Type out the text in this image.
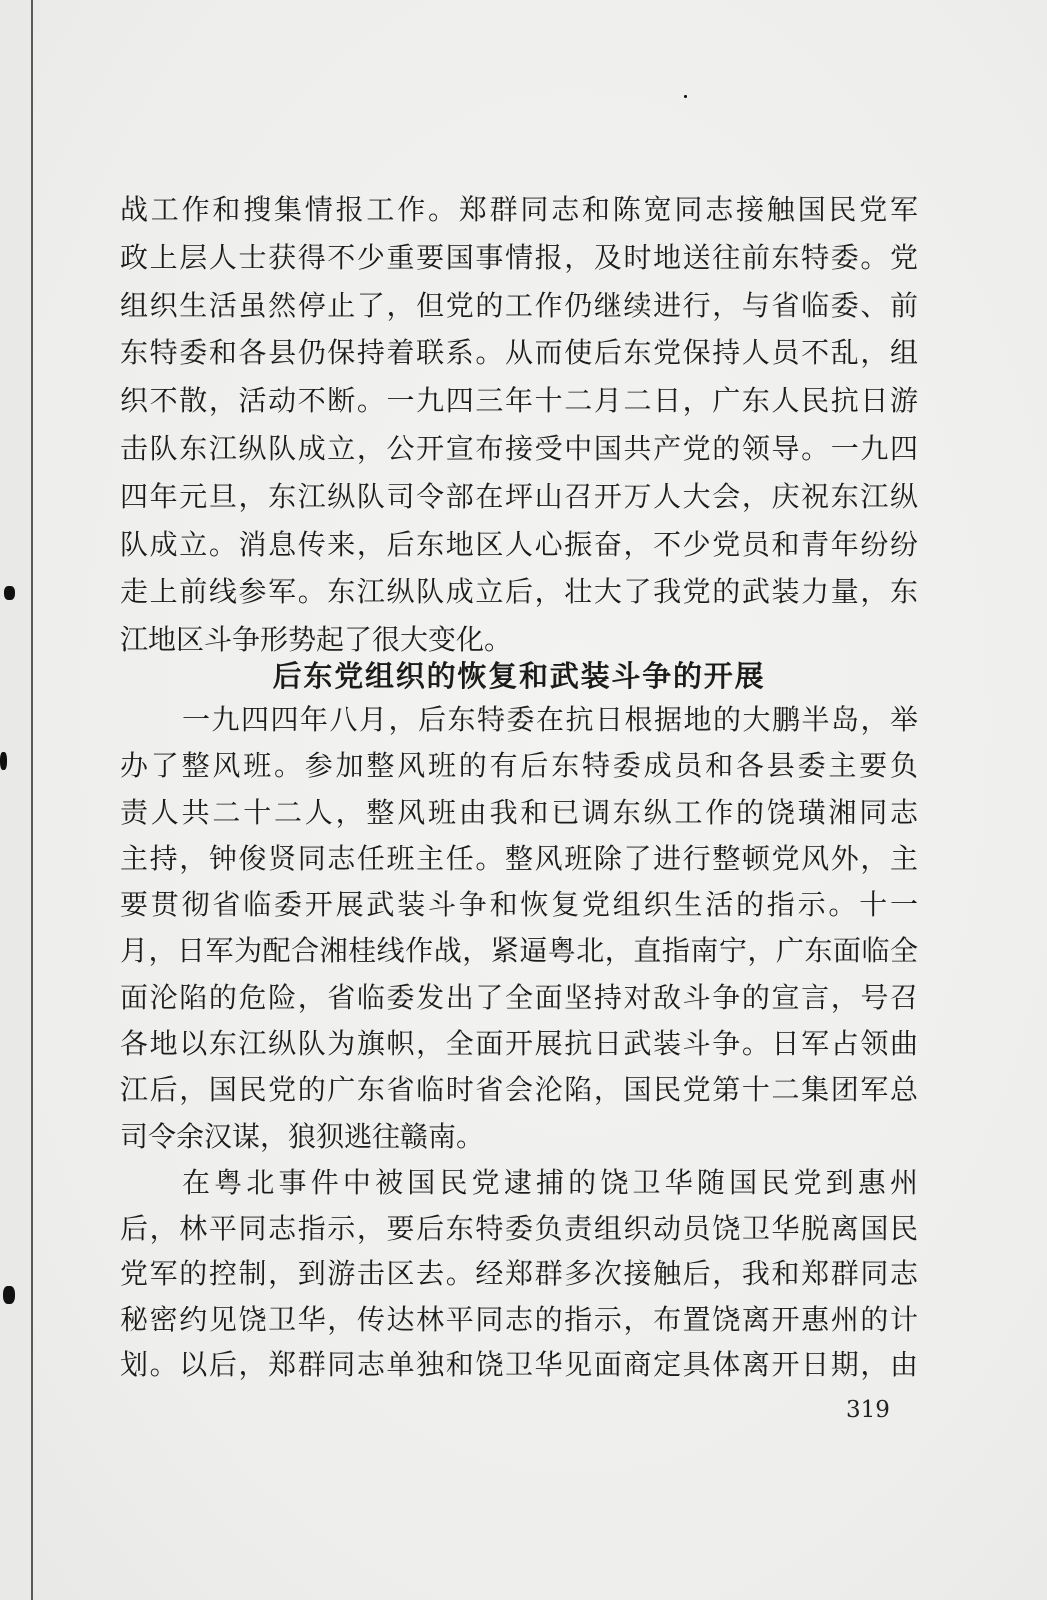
战工作和搜集情报工作。郑群同志和陈宽同志接触国民党军
政上层人士获得不少重要国事情报，及时地送往前东特委。党
组织生活虽然停止了，但党的工作仍继续进行，与省临委、前
东特委和各县仍保持着联系。从而使后东党保持人员不乱，组
织不散，活动不断。一九四三年十二月二日，广东人民抗日游
击队东江纵队成立，公开宣布接受中国共产党的领导。一九四
四年元旦，东江纵队司令部在坪山召开万人大会，庆祝东江纵
队成立。消息传来，后东地区人心振奋，不少党员和青年纷纷
走上前线参军。东江纵队成立后，壮大了我党的武装力量，东
江地区斗争形势起了很大变化。
后东党组织的恢复和武装斗争的开展
一九四四年八月，后东特委在抗日根据地的大鹏半岛，举
办了整风班。参加整风班的有后东特委成员和各县委主要负
责人共二十二人，整风班由我和已调东纵工作的饶璜湘同志
主持，钟俊贤同志任班主任。整风班除了进行整顿党风外，主
要贯彻省临委开展武装斗争和恢复党组织生活的指示。十一
月，日军为配合湘桂线作战，紧逼粤北，直指南宁，广东面临全
面沦陷的危险，省临委发出了全面坚持对敌斗争的宣言，号召
各地以东江纵队为旗帜，全面开展抗日武装斗争。日军占领曲
江后，国民党的广东省临时省会沦陷，国民党第十二集团军总
司令余汉谋，狼狈逃往赣南。
在粤北事件中被国民党逮捕的饶卫华随国民党到惠州
后，林平同志指示，要后东特委负责组织动员饶卫华脱离国民
党军的控制，到游击区去。经郑群多次接触后，我和郑群同志
秘密约见饶卫华，传达林平同志的指示，布置饶离开惠州的计
划。以后，郑群同志单独和饶卫华见面商定具体离开日期，由
319
